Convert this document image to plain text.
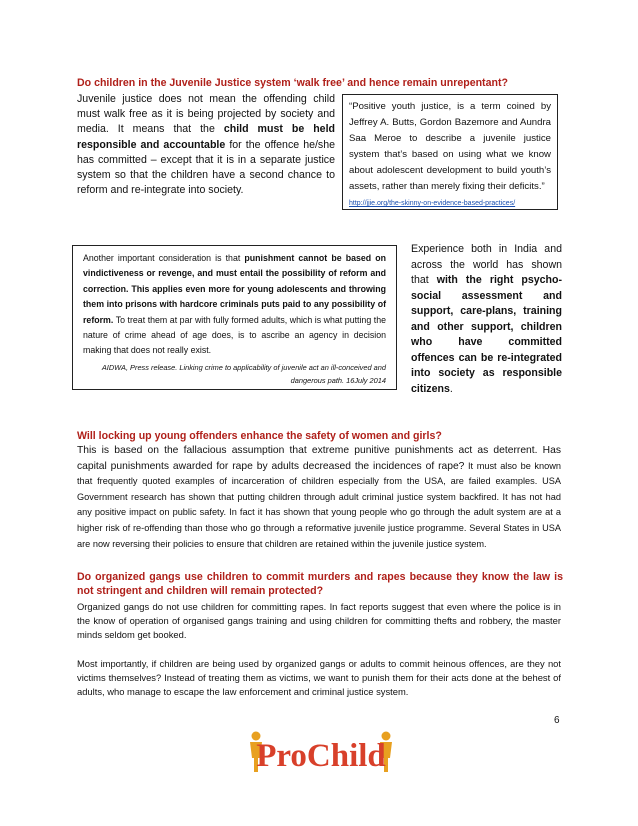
Do children in the Juvenile Justice system ‘walk free’ and hence remain unrepentant?
Juvenile justice does not mean the offending child must walk free as it is being projected by society and media. It means that the child must be held responsible and accountable for the offence he/she has committed – except that it is in a separate justice system so that the children have a second chance to reform and re-integrate into society.

“Positive youth justice, is a term coined by Jeffrey A. Butts, Gordon Bazemore and Aundra Saa Meroe to describe a juvenile justice system that’s based on using what we know about adolescent development to build youth’s assets, rather than merely fixing their deficits.”

http://jjie.org/the-skinny-on-evidence-based-practices/

Another important consideration is that punishment cannot be based on vindictiveness or revenge, and must entail the possibility of reform and correction. This applies even more for young adolescents and throwing them into prisons with hardcore criminals puts paid to any possibility of reform. To treat them at par with fully formed adults, which is what putting the nature of crime ahead of age does, is to ascribe an agency in decision making that does not really exist.

AIDWA, Press release. Linking crime to applicability of juvenile act an ill-conceived and dangerous path. 16July 2014

Experience both in India and across the world has shown that with the right psycho-social assessment and support, care-plans, training and other support, children who have committed offences can be re-integrated into society as responsible citizens.
Will locking up young offenders enhance the safety of women and girls?
This is based on the fallacious assumption that extreme punitive punishments act as deterrent. Has capital punishments awarded for rape by adults decreased the incidences of rape? It must also be known that frequently quoted examples of incarceration of children especially from the USA, are failed examples. USA Government research has shown that putting children through adult criminal justice system backfired. It has not had any positive impact on public safety. In fact it has shown that young people who go through the adult system are at a higher risk of re-offending than those who go through a reformative juvenile justice programme. Several States in USA are now reversing their policies to ensure that children are retained within the juvenile justice system.
Do organized gangs use children to commit murders and rapes because they know the law is not stringent and children will remain protected?
Organized gangs do not use children for committing rapes. In fact reports suggest that even where the police is in the know of operation of organised gangs training and using children for committing thefts and robbery, the master minds seldom get booked.
Most importantly, if children are being used by organized gangs or adults to commit heinous offences, are they not victims themselves? Instead of treating them as victims, we want to punish them for their acts done at the behest of adults, who manage to escape the law enforcement and criminal justice system.
6
ProChild
